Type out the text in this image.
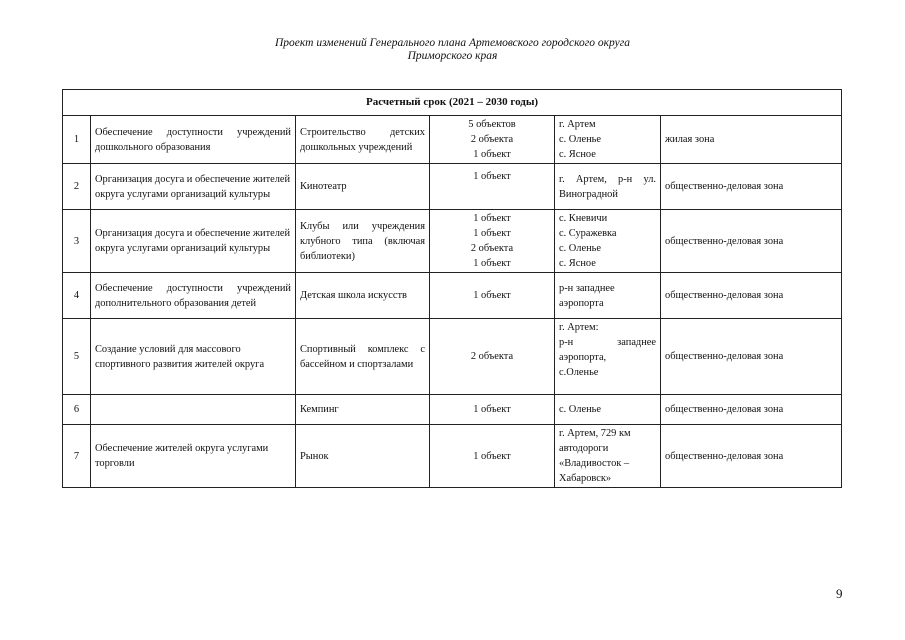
Проект изменений Генерального плана Артемовского городского округа
Приморского края
Расчетный срок (2021 – 2030 годы)					
1	Обеспечение доступности учреждений дошкольного образования	Строительство детских дошкольных учреждений	5 объектов
2 объекта
1 объект	г. Артем
с. Оленье
с. Ясное	жилая зона
2	Организация досуга и обеспечение жителей округа услугами организаций культуры	Кинотеатр	1 объект	г. Артем, р-н ул. Виноградной	общественно-деловая зона
3	Организация досуга и обеспечение жителей округа услугами организаций культуры	Клубы или учреждения клубного типа (включая библиотеки)	1 объект
1 объект
2 объекта
1 объект	с. Кневичи
с. Суражевка
с. Оленье
с. Ясное	общественно-деловая зона
4	Обеспечение доступности учреждений дополнительного образования детей	Детская школа искусств	1 объект	р-н западнее аэропорта	общественно-деловая зона
5	Создание условий для массового спортивного развития жителей округа	Спортивный комплекс с бассейном и спортзалами	2 объекта	г. Артем:
р-н западнее аэропорта,
с.Оленье	общественно-деловая зона
6		Кемпинг	1 объект	с. Оленье	общественно-деловая зона
7	Обеспечение жителей округа услугами торговли	Рынок	1 объект	г. Артем, 729 км автодороги «Владивосток – Хабаровск»	общественно-деловая зона
9
